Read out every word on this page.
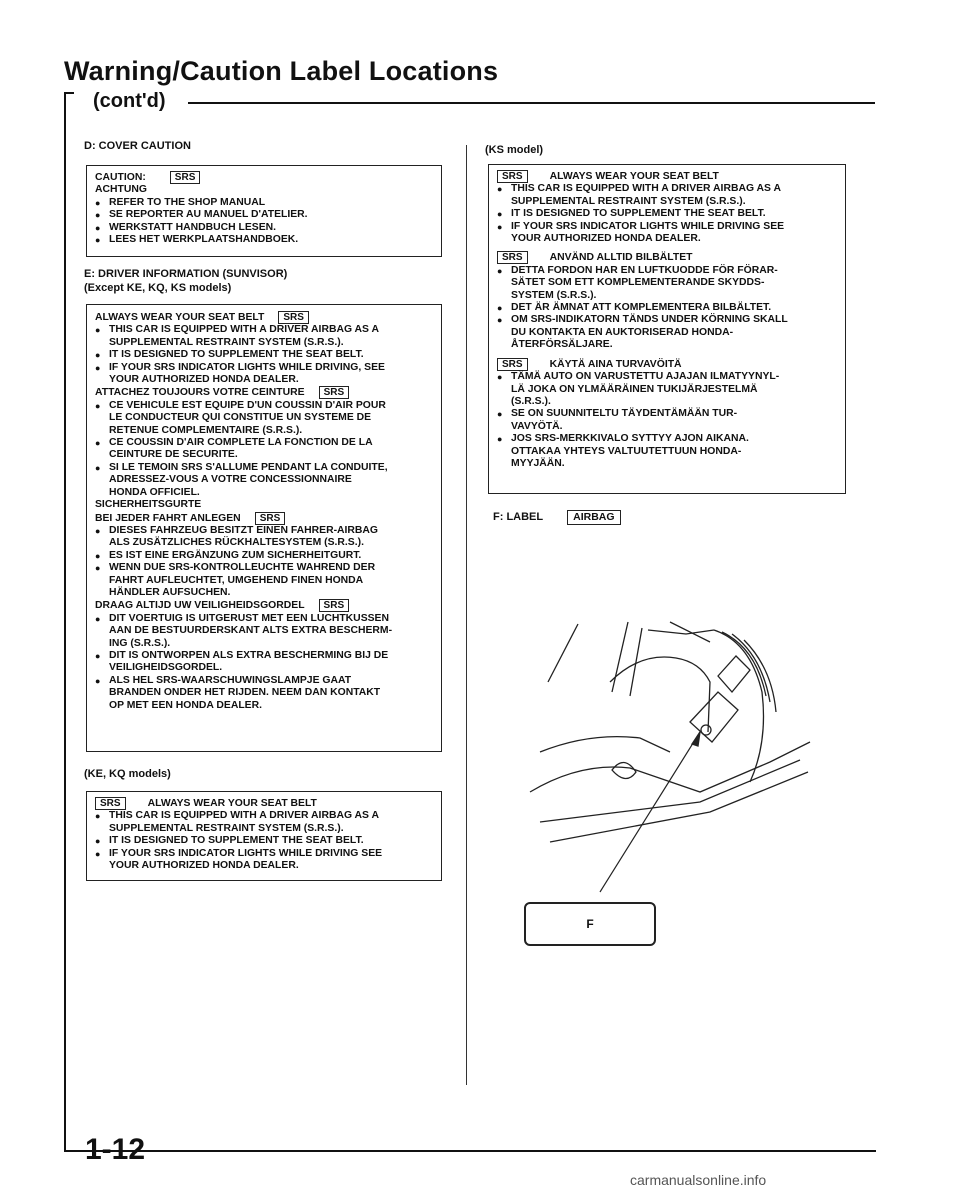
Warning/Caution Label Locations
(cont'd)
D: COVER CAUTION
CAUTION:	SRS
ACHTUNG
● REFER TO THE SHOP MANUAL
● SE REPORTER AU MANUEL D'ATELIER.
● WERKSTATT HANDBUCH LESEN.
● LEES HET WERKPLAATSHANDBOEK.
E: DRIVER INFORMATION (SUNVISOR)
(Except KE, KQ, KS models)
ALWAYS WEAR YOUR SEAT BELT SRS
● THIS CAR IS EQUIPPED WITH A DRIVER AIRBAG AS A
SUPPLEMENTAL RESTRAINT SYSTEM (S.R.S.).
● IT IS DESIGNED TO SUPPLEMENT THE SEAT BELT.
● IF YOUR SRS INDICATOR LIGHTS WHILE DRIVING, SEE
YOUR AUTHORIZED HONDA DEALER.
ATTACHEZ TOUJOURS VOTRE CEINTURE SRS
● CE VEHICULE EST EQUIPE D'UN COUSSIN D'AIR POUR
LE CONDUCTEUR QUI CONSTITUE UN SYSTEME DE
RETENUE COMPLEMENTAIRE (S.R.S.).
● CE COUSSIN D'AIR COMPLETE LA FONCTION DE LA
CEINTURE DE SECURITE.
● SI LE TEMOIN SRS S'ALLUME PENDANT LA CONDUITE,
ADRESSEZ-VOUS A VOTRE CONCESSIONNAIRE
HONDA OFFICIEL.
SICHERHEITSGURTE
BEI JEDER FAHRT ANLEGEN SRS
● DIESES FAHRZEUG BESITZT EINEN FAHRER-AIRBAG
ALS ZUSÄTZLICHES RÜCKHALTESYSTEM (S.R.S.).
● ES IST EINE ERGÄNZUNG ZUM SICHERHEITGURT.
● WENN DUE SRS-KONTROLLEUCHTE WAHREND DER
FAHRT AUFLEUCHTET, UMGEHEND FINEN HONDA
HÄNDLER AUFSUCHEN.
DRAAG ALTIJD UW VEILIGHEIDSGORDEL SRS
● DIT VOERTUIG IS UITGERUST MET EEN LUCHTKUSSEN
AAN DE BESTUURDERSKANT ALTS EXTRA BESCHERM-
ING (S.R.S.).
● DIT IS ONTWORPEN ALS EXTRA BESCHERMING BIJ DE
VEILIGHEIDSGORDEL.
● ALS HEL SRS-WAARSCHUWINGSLAMPJE GAAT
BRANDEN ONDER HET RIJDEN. NEEM DAN KONTAKT
OP MET EEN HONDA DEALER.
(KE, KQ models)
SRS	ALWAYS WEAR YOUR SEAT BELT
● THIS CAR IS EQUIPPED WITH A DRIVER AIRBAG AS A
SUPPLEMENTAL RESTRAINT SYSTEM (S.R.S.).
● IT IS DESIGNED TO SUPPLEMENT THE SEAT BELT.
● IF YOUR SRS INDICATOR LIGHTS WHILE DRIVING SEE
YOUR AUTHORIZED HONDA DEALER.
(KS model)
SRS	ALWAYS WEAR YOUR SEAT BELT
● THIS CAR IS EQUIPPED WITH A DRIVER AIRBAG AS A
SUPPLEMENTAL RESTRAINT SYSTEM (S.R.S.).
● IT IS DESIGNED TO SUPPLEMENT THE SEAT BELT.
● IF YOUR SRS INDICATOR LIGHTS WHILE DRIVING SEE
YOUR AUTHORIZED HONDA DEALER.
SRS	ANVÄND ALLTID BILBÄLTET
● DETTA FORDON HAR EN LUFTKUODDE FÖR FÖRAR-
SÄTET SOM ETT KOMPLEMENTERANDE SKYDDS-
SYSTEM (S.R.S.).
● DET ÄR ÄMNAT ATT KOMPLEMENTERA BILBÄLTET.
● OM SRS-INDIKATORN TÄNDS UNDER KÖRNING SKALL
DU KONTAKTA EN AUKTORISERAD HONDA-
ÅTERFÖRSÄLJARE.
SRS	KÄYTÄ AINA TURVAVÖITÄ
● TÄMÄ AUTO ON VARUSTETTU AJAJAN ILMATYYNYL-
LÄ JOKA ON YLMÄÄRÄINEN TUKIJÄRJESTELMÄ
(S.R.S.).
● SE ON SUUNNITELTU TÄYDENTÄMÄÄN TUR-
VAVYÖTÄ.
● JOS SRS-MERKKIVALO SYTTYY AJON AIKANA.
OTTAKAA YHTEYS VALTUUTETTUUN HONDA-
MYYJÄÄN.
F: LABEL	AIRBAG
F
1-12
carmanualsonline.info
